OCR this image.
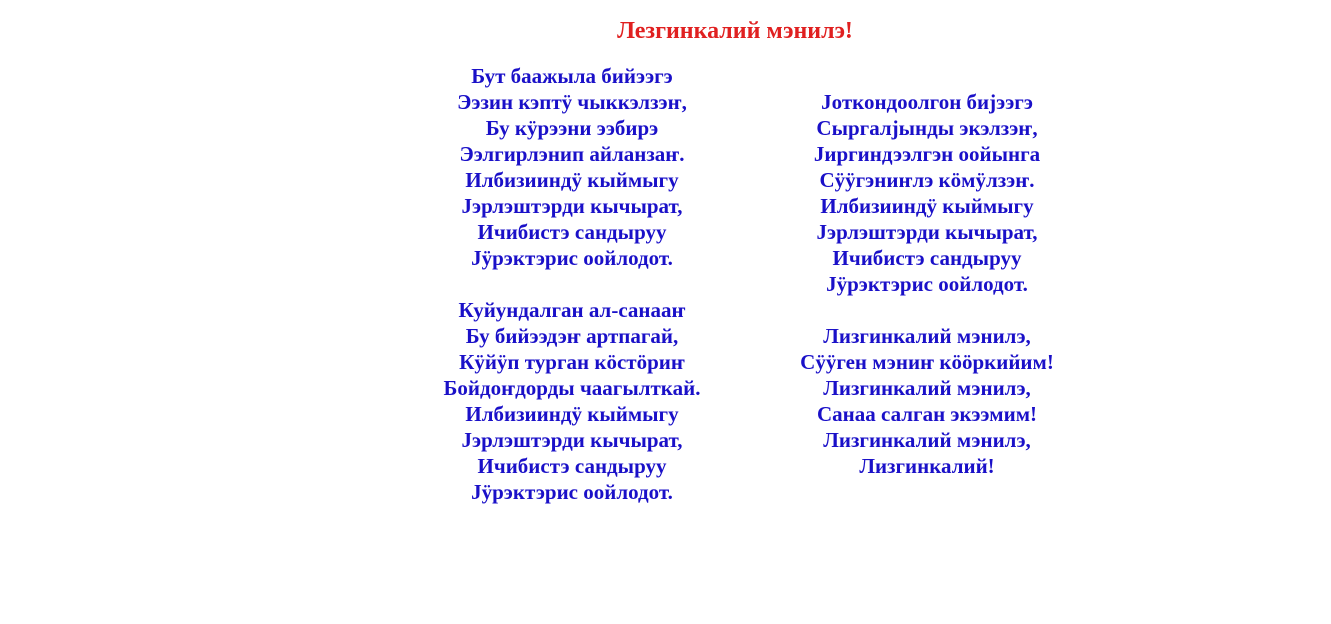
Лезгинкалий мэнилэ!
Бут баажыла бийээгэ
Ээзин кэптӱ чыккэлзэҥ,
Бу кӱрээни ээбирэ
Ээлгирлэнип айланзаҥ.
Илбизииндӱ кыймыгу
Јэрлэштэрди кычырат,
Ичибистэ сандыруу
Јӱрэктэрис оойлодот.
Куйундалган ал-санааҥ
Бу бийээдэҥ артпагай,
Кӱйӱп турган кӧстӧриҥ
Бойдоҥдорды чаагылткай.
Илбизииндӱ кыймыгу
Јэрлэштэрди кычырат,
Ичибистэ сандыруу
Јӱрэктэрис оойлодот.
Јоткондоолгон бијээгэ
Сыргалјынды экэлзэҥ,
Јиргиндээлгэн оойынга
Сӱӱгэниҥлэ кӧмӱлзэҥ.
Илбизииндӱ кыймыгу
Јэрлэштэрди кычырат,
Ичибистэ сандыруу
Јӱрэктэрис оойлодот.
Лизгинкалий мэнилэ,
Сӱӱген мэниҥ кӧӧркийим!
Лизгинкалий мэнилэ,
Санаа салган экээмим!
Лизгинкалий мэнилэ,
Лизгинкалий!
